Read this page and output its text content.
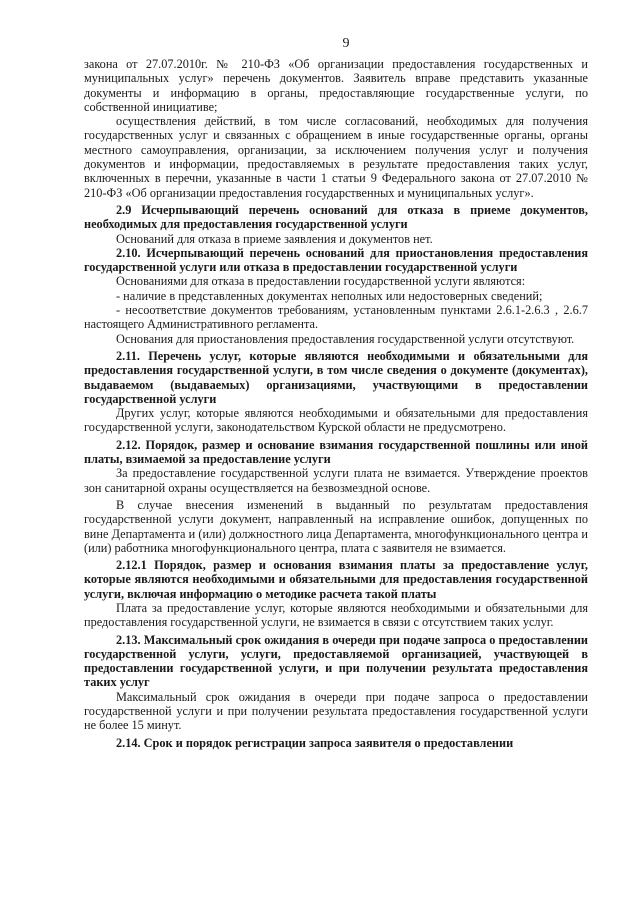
9

закона от 27.07.2010г. № 210-ФЗ «Об организации предоставления государственных и муниципальных услуг» перечень документов. Заявитель вправе представить указанные документы и информацию в органы, предоставляющие государственные услуги, по собственной инициативе;

осуществления действий, в том числе согласований, необходимых для получения государственных услуг и связанных с обращением в иные государственные органы, органы местного самоуправления, организации, за исключением получения услуг и получения документов и информации, предоставляемых в результате предоставления таких услуг, включенных в перечни, указанные в части 1 статьи 9 Федерального закона от 27.07.2010 № 210-ФЗ «Об организации предоставления государственных и муниципальных услуг».

2.9 Исчерпывающий перечень оснований для отказа в приеме документов, необходимых для предоставления государственной услуги

Оснований для отказа в приеме заявления и документов нет.

2.10. Исчерпывающий перечень оснований для приостановления предоставления государственной услуги или отказа в предоставлении государственной услуги

Основаниями для отказа в предоставлении государственной услуги являются:

- наличие в представленных документах неполных или недостоверных сведений;

- несоответствие документов требованиям, установленным пунктами 2.6.1-2.6.3 , 2.6.7 настоящего Административного регламента.

Основания для приостановления предоставления государственной услуги отсутствуют.

2.11. Перечень услуг, которые являются необходимыми и обязательными для предоставления государственной услуги, в том числе сведения о документе (документах), выдаваемом (выдаваемых) организациями, участвующими в предоставлении государственной услуги

Других услуг, которые являются необходимыми и обязательными для предоставления государственной услуги, законодательством Курской области не предусмотрено.

2.12. Порядок, размер и основание взимания государственной пошлины или иной платы, взимаемой за предоставление услуги

За предоставление государственной услуги плата не взимается. Утверждение проектов зон санитарной охраны осуществляется на безвозмездной основе.

В случае внесения изменений в выданный по результатам предоставления государственной услуги документ, направленный на исправление ошибок, допущенных по вине Департамента и (или) должностного лица Департамента, многофункционального центра и (или) работника многофункционального центра, плата с заявителя не взимается.

2.12.1 Порядок, размер и основания взимания платы за предоставление услуг, которые являются необходимыми и обязательными для предоставления государственной услуги, включая информацию о методике расчета такой платы

Плата за предоставление услуг, которые являются необходимыми и обязательными для предоставления государственной услуги, не взимается в связи с отсутствием таких услуг.

2.13. Максимальный срок ожидания в очереди при подаче запроса о предоставлении государственной услуги, услуги, предоставляемой организацией, участвующей в предоставлении государственной услуги, и при получении результата предоставления таких услуг

Максимальный срок ожидания в очереди при подаче запроса о предоставлении государственной услуги и при получении результата предоставления государственной услуги не более 15 минут.

2.14. Срок и порядок регистрации запроса заявителя о предоставлении
